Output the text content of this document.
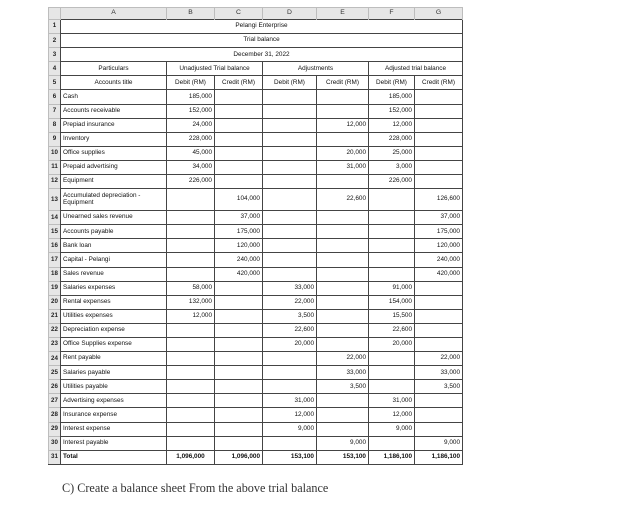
	A	B	C	D	E	F	G
1	Pelangi Enterprise						
2	Trial balance						
3	December 31, 2022						
4	Particulars	Unadjusted Trial balance		Adjustments		Adjusted trial balance	
5	Accounts title	Debit (RM)	Credit (RM)	Debit (RM)	Credit (RM)	Debit (RM)	Credit (RM)
6	Cash	185,000				185,000	
7	Accounts receivable	152,000				152,000	
8	Prepiad insurance	24,000			12,000	12,000	
9	Inventory	228,000				228,000	
10	Office supplies	45,000			20,000	25,000	
11	Prepaid advertising	34,000			31,000	3,000	
12	Equipment	226,000				226,000	
13	Accumulated depreciation - Equipment		104,000		22,600		126,600
14	Unearned sales revenue		37,000				37,000
15	Accounts payable		175,000				175,000
16	Bank loan		120,000				120,000
17	Capital - Pelangi		240,000				240,000
18	Sales revenue		420,000				420,000
19	Salaries expenses	58,000		33,000		91,000	
20	Rental expenses	132,000		22,000		154,000	
21	Utilities expenses	12,000		3,500		15,500	
22	Depreciation expense			22,600		22,600	
23	Office Supplies expense			20,000		20,000	
24	Rent payable				22,000		22,000
25	Salaries payable				33,000		33,000
26	Utilities payable				3,500		3,500
27	Advertising expenses			31,000		31,000	
28	Insurance expense			12,000		12,000	
29	Interest expense			9,000		9,000	
30	Interest payable				9,000		9,000
31	Total	1,096,000	1,096,000	153,100	153,100	1,186,100	1,186,100
C) Create a balance sheet From the above trial balance
